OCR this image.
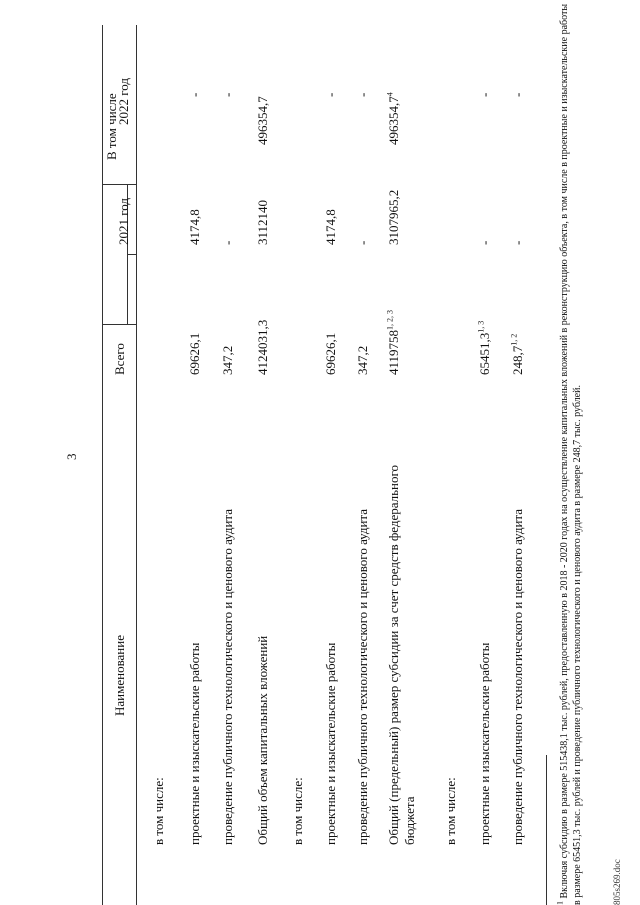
3
Наименование
Всего
В том числе
2021 год
2022 год
в том числе: проектные и изыскательские работы
69626,1
4174,8
-
проведение публичного технологического и ценового аудита
347,2
-
-
Общий объем капитальных вложений
4124031,3
3112140
496354,7
в том числе: проектные и изыскательские работы
69626,1
4174,8
-
проведение публичного технологического и ценового аудита
347,2
-
-
Общий (предельный) размер субсидии за счет средств федерального бюджета
4119758$^{1, 2, 3}$
3107965,2
496354,7$^4$
в том числе: проектные и изыскательские работы
65451,3$^{1, 3}$
-
-
проведение публичного технологического и ценового аудита
248,7$^{1, 2}$
-
-

$^1$ Включая субсидию в размере 515438,1 тыс. рублей, предоставленную в 2018 - 2020 годах на осуществление капитальных вложений в реконструкцию объекта, в том числе в проектные и изыскательские работы в размере 65451,3 тыс. рублей и проведение публичного технологического и ценового аудита в размере 248,7 тыс. рублей.	805s269.doc
